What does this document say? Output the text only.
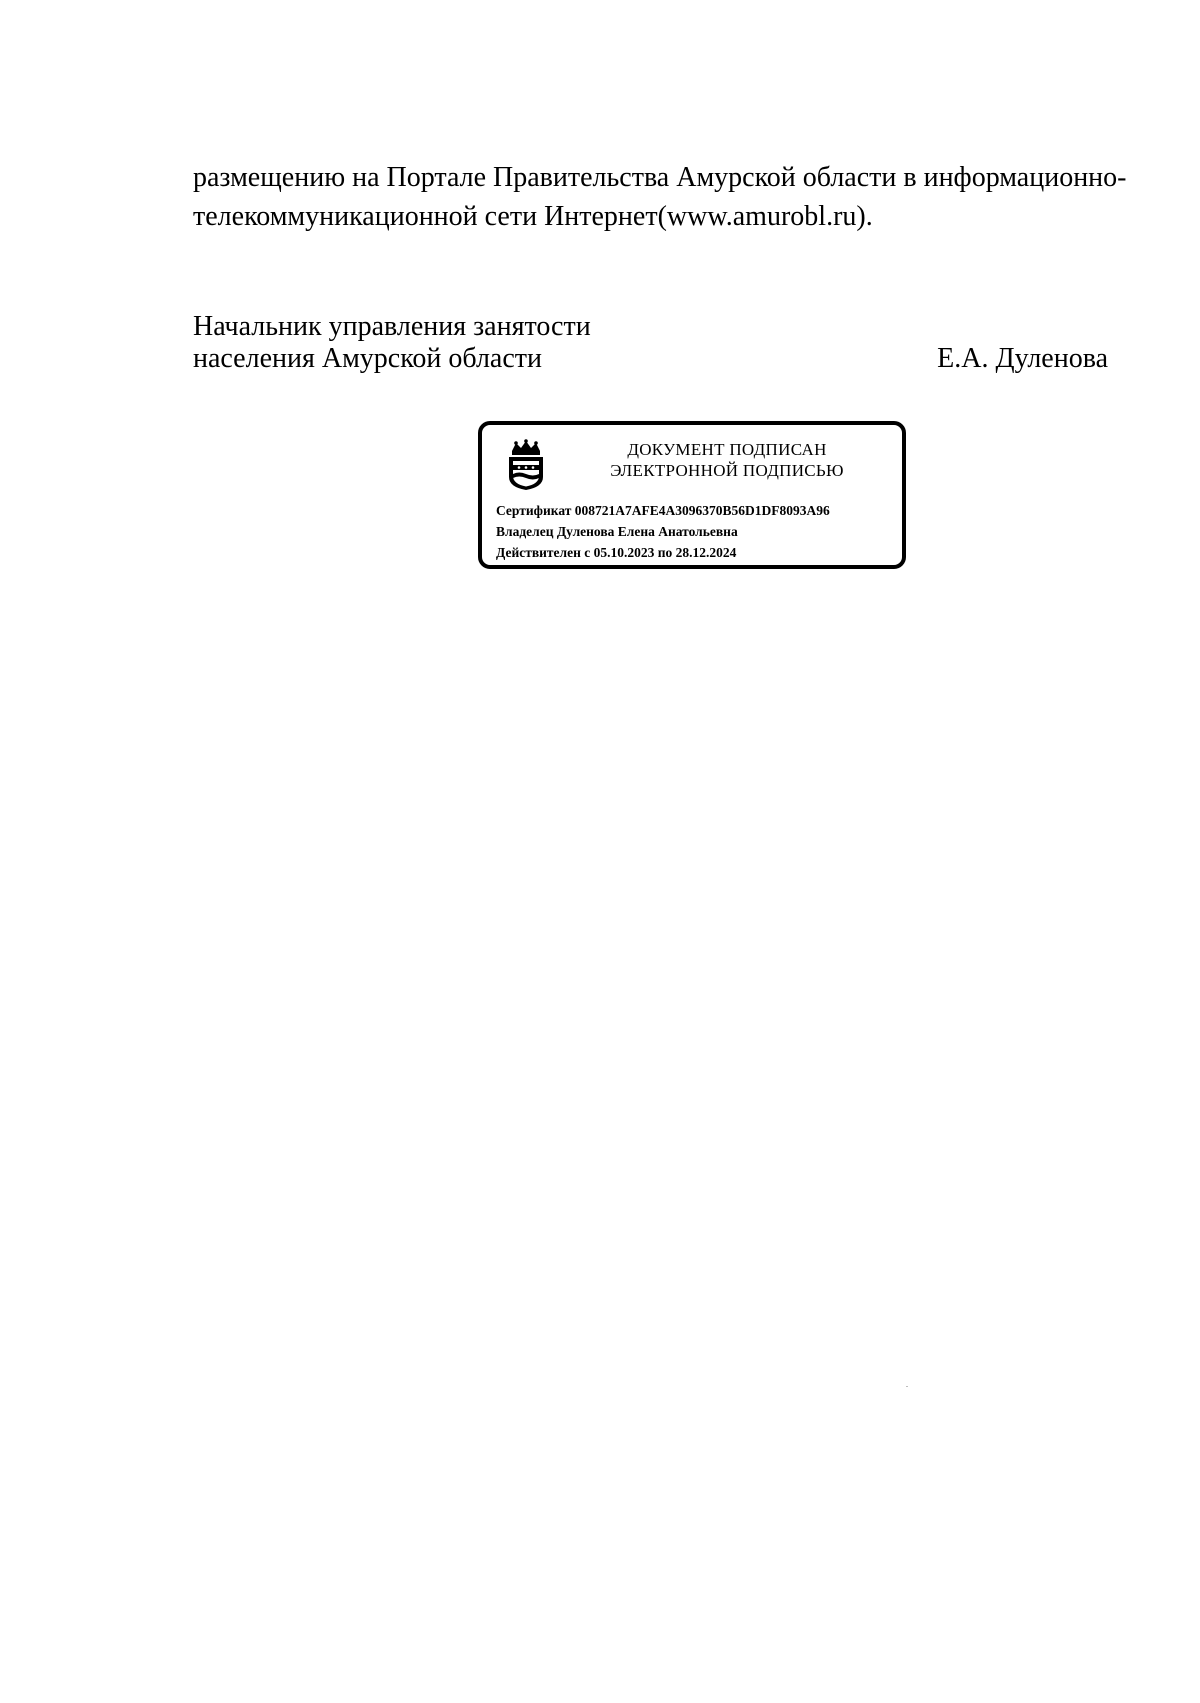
размещению на Портале Правительства Амурской области в информационно-
телекоммуникационной сети Интернет(www.amurobl.ru).
Начальник управления занятости
населения Амурской области	Е.А. Дуленова
ДОКУМЕНТ ПОДПИСАН
ЭЛЕКТРОННОЙ ПОДПИСЬЮ
Сертификат 008721A7AFE4A3096370B56D1DF8093A96
Владелец Дуленова Елена Анатольевна
Действителен с 05.10.2023 по 28.12.2024
